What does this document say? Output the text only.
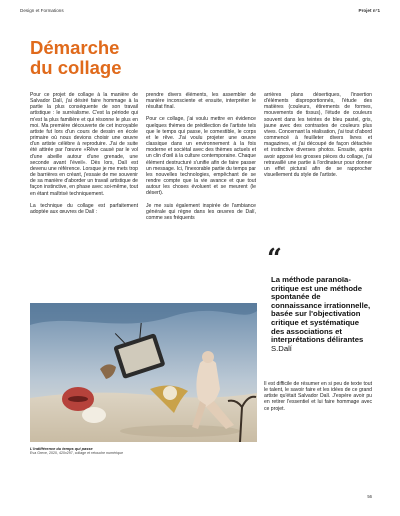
Design et Formations	Projet n°1
Démarche
du collage

Pour ce projet de collage à la manière de Salvador Dalí, j'ai désiré faire hommage à la partie la plus conséquente de son travail artistique : le surréalisme. C'est la période qui m'est la plus familière et qui résonne le plus en moi. Ma première découverte de cet incroyable artiste fut lors d'un cours de dessin en école primaire où nous devions choisir une œuvre d'un artiste célèbre à reproduire. J'ai de suite été attirée par l'œuvre «Rêve causé par le vol d'une abeille autour d'une grenade, une seconde avant l'éveil». Dès lors, Dalí est devenu une référence. Lorsque je me mets trop de barrières en créant, j'essaie de me souvenir de sa manière d'aborder un travail artistique de façon instinctive, en phase avec soi-même, tout en étant maîtrisé techniquement.

La technique du collage est parfaitement adoptée aux œuvres de Dalí :

prendre divers éléments, les assembler de manière inconsciente et ensuite, interpréter le résultat final.

Pour ce collage, j'ai voulu mettre en évidence quelques thèmes de prédilection de l'artiste tels que le temps qui passe, le comestible, le corps et le rêve. J'ai voulu projeter une œuvre classique dans un environnement à la fois moderne et sociétal avec des thèmes actuels et un clin d'œil à la culture contemporaine. Chaque élément destructuré s'unifie afin de faire passer un message. Ici, l'inexorable partie du temps par les nouvelles technologies, empêchant de se rendre compte que la vie avance et que tout autour les choses évoluent et se meurent (le désert).

Je me suis également inspirée de l'ambiance générale qui règne dans les œuvres de Dalí, comme ses fréquents

arrières plans désertiques, l'insertion d'éléments disproportionnés, l'étude des matières (couleurs, étirements de formes, mouvements de tissus), l'étude de couleurs souvent dans les teintes de bleu pastel, gris, jaune avec des contrastes de couleurs plus vives. Concernant la réalisation, j'ai tout d'abord commencé à feuilleter divers livres et magazines, et j'ai découpé de façon détachée et instinctive diverses photos. Ensuite, après avoir apposé les grosses pièces du collage, j'ai retravaillé une partie à l'ordinateur pour donner un effet pictural afin de se rapprocher visuellement du style de l'artiste.

“
La méthode paranoïa-critique est une méthode spontanée de connaissance irrationnelle, basée sur l'objectivation critique et systématique des associations et interprétations délirantes
S.Dalí

Il est difficile de résumer en si peu de texte tout le talent, le savoir faire et les idées de ce grand artiste qu'était Salvador Dalí. J'espère avoir pu en retirer l'essentiel et lui faire hommage avec ce projet.

L'indifférence du temps qui passe
Eva Greve, 2020, 420x297, collage et retouche numérique
56
